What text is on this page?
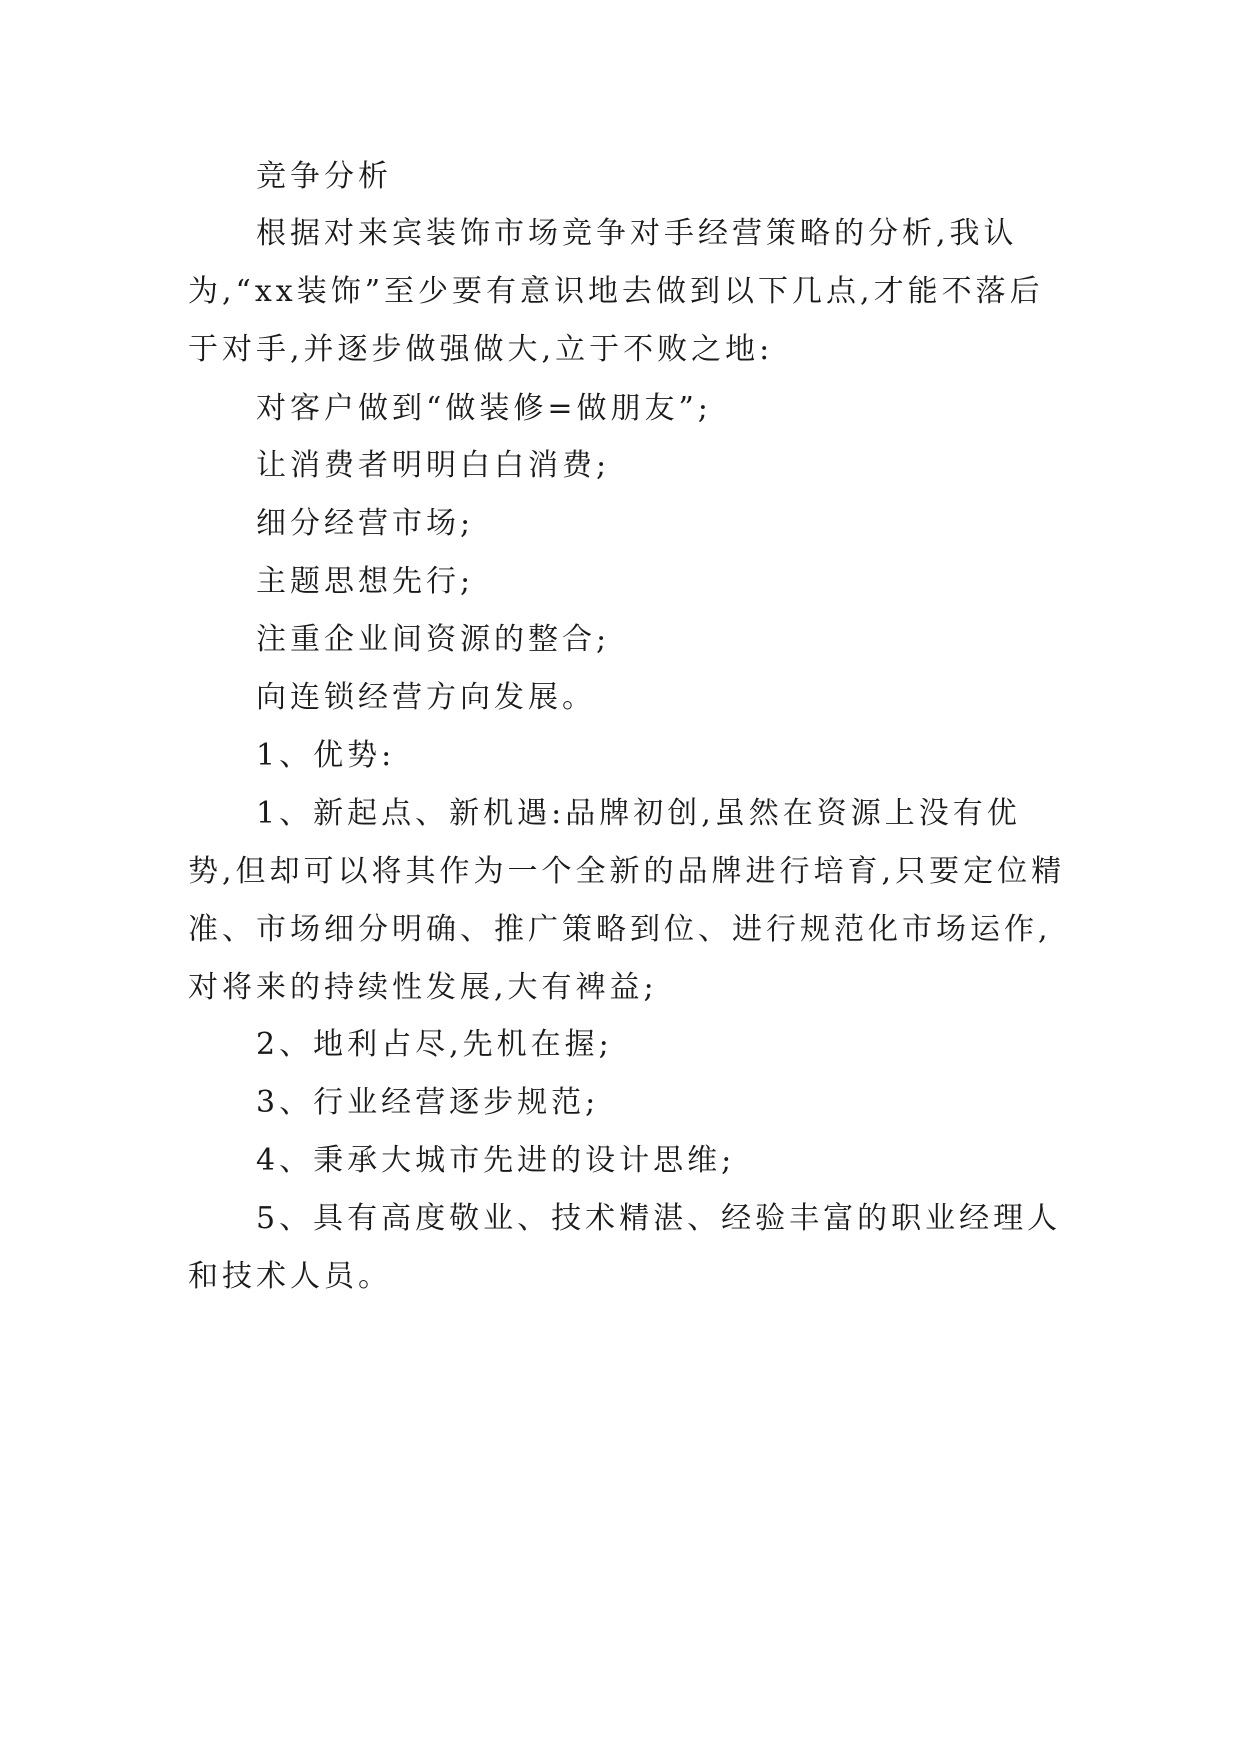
竞争分析

根据对来宾装饰市场竞争对手经营策略的分析,我认为,“xx装饰”至少要有意识地去做到以下几点,才能不落后于对手,并逐步做强做大,立于不败之地:

对客户做到“做装修=做朋友”;

让消费者明明白白消费;

细分经营市场;

主题思想先行;

注重企业间资源的整合;

向连锁经营方向发展。

1、优势:

1、新起点、新机遇:品牌初创,虽然在资源上没有优势,但却可以将其作为一个全新的品牌进行培育,只要定位精准、市场细分明确、推广策略到位、进行规范化市场运作,对将来的持续性发展,大有裨益;

2、地利占尽,先机在握;

3、行业经营逐步规范;

4、秉承大城市先进的设计思维;

5、具有高度敬业、技术精湛、经验丰富的职业经理人和技术人员。
